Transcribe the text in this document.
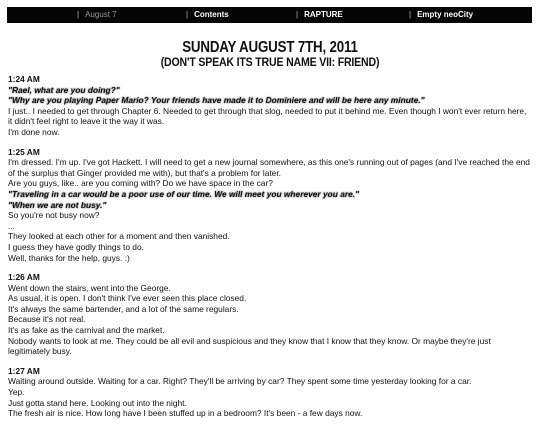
| August 7	| Contents	| RAPTURE	| Empty neoCity
SUNDAY AUGUST 7TH, 2011
(DON'T SPEAK ITS TRUE NAME VII: FRIEND)
1:24 AM
"Rael, what are you doing?"
"Why are you playing Paper Mario? Your friends have made it to Dominiere and will be here any minute."
I just.. I needed to get through Chapter 6. Needed to get through that slog, needed to put it behind me. Even though I won't ever return here, it didn't feel right to leave it the way it was.
I'm done now.
1:25 AM
I'm dressed. I'm up. I've got Hackett. I will need to get a new journal somewhere, as this one's running out of pages (and I've reached the end of the surplus that Ginger provided me with), but that's a problem for later.
Are you guys, like.. are you coming with? Do we have space in the car?
"Traveling in a car would be a poor use of our time. We will meet you wherever you are."
"When we are not busy."
So you're not busy now?
...
They looked at each other for a moment and then vanished.
I guess they have godly things to do.
Well, thanks for the help, guys. :)
1:26 AM
Went down the stairs, went into the George.
As usual, it is open. I don't think I've ever seen this place closed.
It's always the same bartender, and a lot of the same regulars.
Because it's not real.
It's as fake as the carnival and the market.
Nobody wants to look at me. They could be all evil and suspicious and they know that I know that they know. Or maybe they're just legitimately busy.
1:27 AM
Waiting around outside. Waiting for a car. Right? They'll be arriving by car? They spent some time yesterday looking for a car.
Yep.
Just gotta stand here. Looking out into the night.
The fresh air is nice. How long have I been stuffed up in a bedroom? It's been - a few days now.
